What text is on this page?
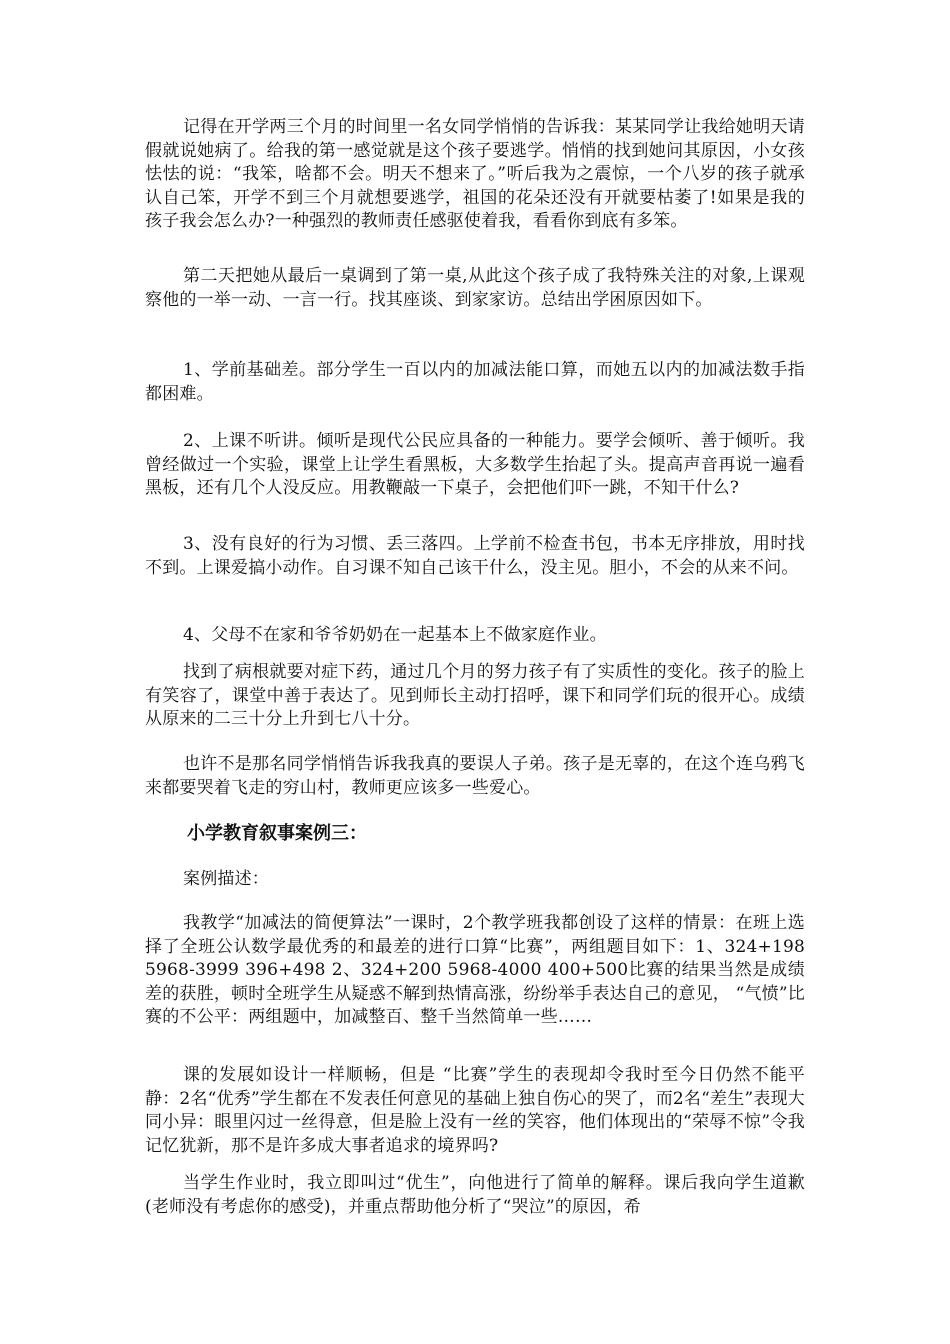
记得在开学两三个月的时间里一名女同学悄悄的告诉我：某某同学让我给她明天请假就说她病了。给我的第一感觉就是这个孩子要逃学。悄悄的找到她问其原因，小女孩怯怯的说：“我笨，啥都不会。明天不想来了。”听后我为之震惊，一个八岁的孩子就承认自己笨，开学不到三个月就想要逃学，祖国的花朵还没有开就要枯萎了!如果是我的孩子我会怎么办?一种强烈的教师责任感驱使着我，看看你到底有多笨。

第二天把她从最后一桌调到了第一桌,从此这个孩子成了我特殊关注的对象,上课观察他的一举一动、一言一行。找其座谈、到家家访。总结出学困原因如下。

1、学前基础差。部分学生一百以内的加减法能口算，而她五以内的加减法数手指都困难。

2、上课不听讲。倾听是现代公民应具备的一种能力。要学会倾听、善于倾听。我曾经做过一个实验，课堂上让学生看黑板，大多数学生抬起了头。提高声音再说一遍看黑板，还有几个人没反应。用教鞭敲一下桌子，会把他们吓一跳，不知干什么?

3、没有良好的行为习惯、丢三落四。上学前不检查书包，书本无序排放，用时找不到。上课爱搞小动作。自习课不知自己该干什么，没主见。胆小，不会的从来不问。

4、父母不在家和爷爷奶奶在一起基本上不做家庭作业。

找到了病根就要对症下药，通过几个月的努力孩子有了实质性的变化。孩子的脸上有笑容了，课堂中善于表达了。见到师长主动打招呼，课下和同学们玩的很开心。成绩从原来的二三十分上升到七八十分。

也许不是那名同学悄悄告诉我我真的要误人子弟。孩子是无辜的，在这个连乌鸦飞来都要哭着飞走的穷山村，教师更应该多一些爱心。

小学教育叙事案例三：

案例描述：

我教学“加减法的简便算法”一课时，2个教学班我都创设了这样的情景：在班上选择了全班公认数学最优秀的和最差的进行口算“比赛”，两组题目如下：1、324+198 5968-3999 396+498 2、324+200 5968-4000 400+500比赛的结果当然是成绩差的获胜，顿时全班学生从疑惑不解到热情高涨，纷纷举手表达自己的意见， “气愤”比赛的不公平：两组题中，加减整百、整千当然简单一些……

课的发展如设计一样顺畅，但是 “比赛”学生的表现却令我时至今日仍然不能平静：2名“优秀”学生都在不发表任何意见的基础上独自伤心的哭了，而2名“差生”表现大同小异：眼里闪过一丝得意，但是脸上没有一丝的笑容，他们体现出的“荣辱不惊”令我记忆犹新，那不是许多成大事者追求的境界吗?

当学生作业时，我立即叫过“优生”，向他进行了简单的解释。课后我向学生道歉(老师没有考虑你的感受)，并重点帮助他分析了“哭泣”的原因，希
